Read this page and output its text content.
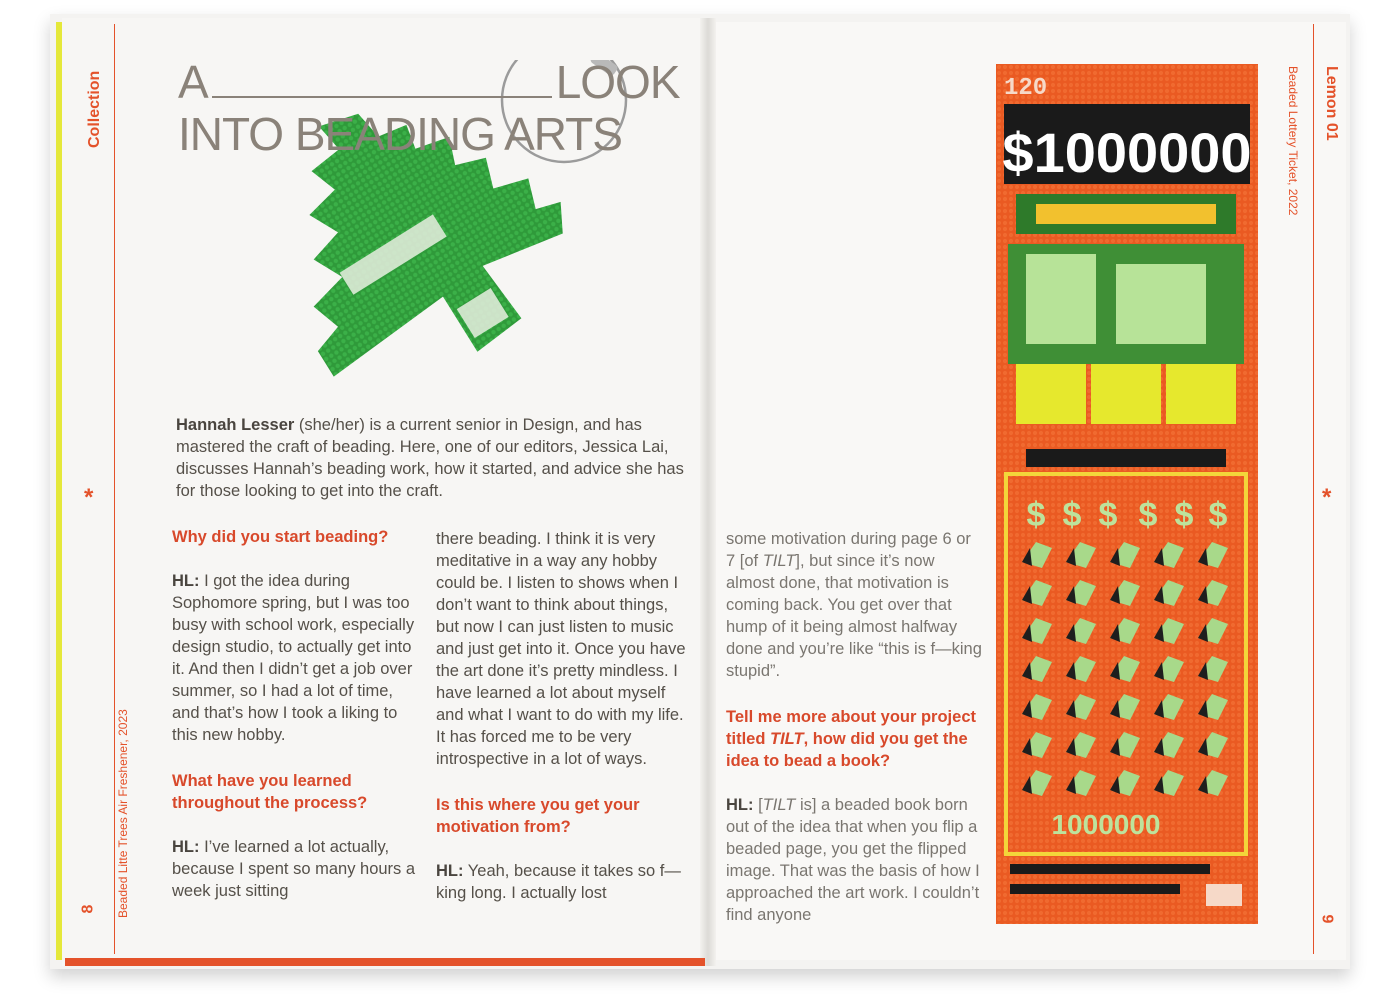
Collection
*
Beaded Litte Trees Air Freshener, 2023
8
Lemon 01
Beaded Lottery Ticket, 2022
*
9
A	LOOK
INTO BEADING ARTS
Hannah Lesser (she/her) is a current senior in Design, and has mastered the craft of beading. Here, one of our editors, Jessica Lai, discusses Hannah’s beading work, how it started, and advice she has for those looking to get into the craft.
Why did you start beading?
HL: I got the idea during Sophomore spring, but I was too busy with school work, especially design studio, to actually get into it. And then I didn’t get a job over summer, so I had a lot of time, and that’s how I took a liking to this new hobby.
What have you learned throughout the process?
HL: I’ve learned a lot actually, because I spent so many hours a week just sitting
there beading. I think it is very meditative in a way any hobby could be. I listen to shows when I don’t want to think about things, but now I can just listen to music and just get into it. Once you have the art done it’s pretty mindless. I have learned a lot about myself and what I want to do with my life. It has forced me to be very introspective in a lot of ways.
Is this where you get your motivation from?
HL: Yeah, because it takes so f—king long. I actually lost
some motivation during page 6 or 7 [of TILT], but since it’s now almost done, that motivation is coming back. You get over that hump of it being almost halfway done and you’re like “this is f—king stupid”.
Tell me more about your project titled TILT, how did you get the idea to bead a book?
HL: [TILT is] a beaded book born out of the idea that when you flip a beaded page, you get the flipped image. That was the basis of how I approached the art work. I couldn’t find anyone
120
$1000000
$ $ $ $ $ $
1000000
